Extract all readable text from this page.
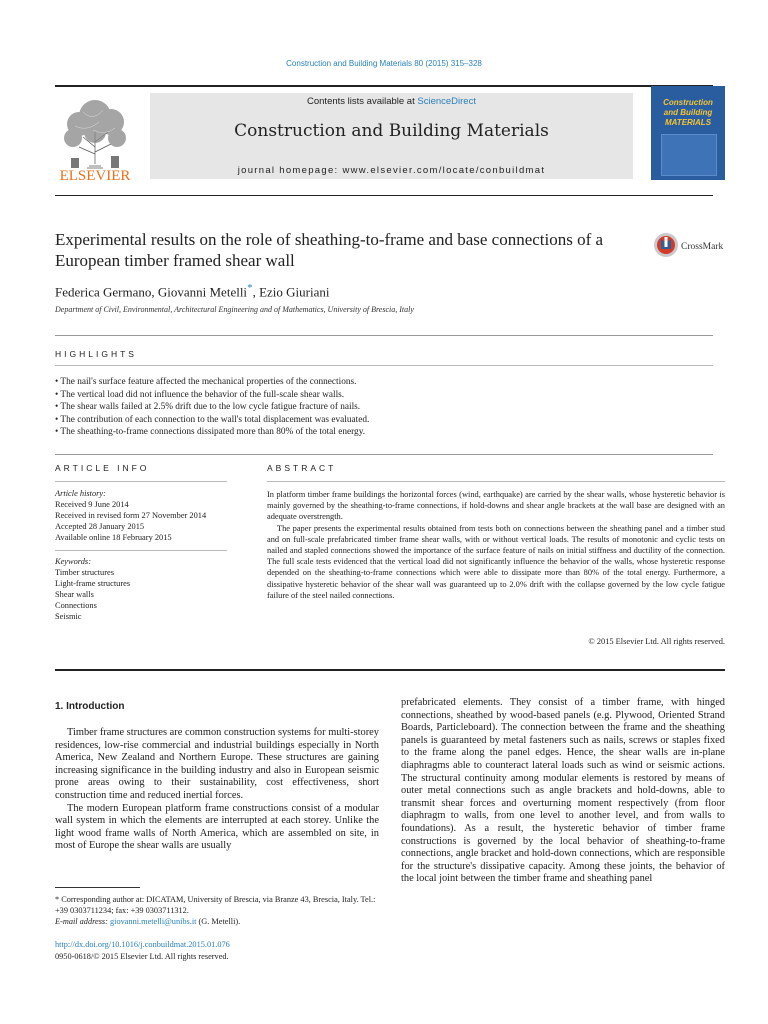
Construction and Building Materials 80 (2015) 315–328
ELSEVIER
Contents lists available at ScienceDirect
Construction and Building Materials
journal homepage: www.elsevier.com/locate/conbuildmat
Construction
and Building
MATERIALS
Experimental results on the role of sheathing-to-frame and base connections of a European timber framed shear wall
CrossMark
Federica Germano, Giovanni Metelli*, Ezio Giuriani
Department of Civil, Environmental, Architectural Engineering and of Mathematics, University of Brescia, Italy
HIGHLIGHTS
• The nail's surface feature affected the mechanical properties of the connections.
• The vertical load did not influence the behavior of the full-scale shear walls.
• The shear walls failed at 2.5% drift due to the low cycle fatigue fracture of nails.
• The contribution of each connection to the wall's total displacement was evaluated.
• The sheathing-to-frame connections dissipated more than 80% of the total energy.
ARTICLE INFO	ABSTRACT
Article history:
Received 9 June 2014
Received in revised form 27 November 2014
Accepted 28 January 2015
Available online 18 February 2015
Keywords:
Timber structures
Light-frame structures
Shear walls
Connections
Seismic

In platform timber frame buildings the horizontal forces (wind, earthquake) are carried by the shear walls, whose hysteretic behavior is mainly governed by the sheathing-to-frame connections, if hold-downs and shear angle brackets at the wall base are designed with an adequate overstrength.

The paper presents the experimental results obtained from tests both on connections between the sheathing panel and a timber stud and on full-scale prefabricated timber frame shear walls, with or without vertical loads. The results of monotonic and cyclic tests on nailed and stapled connections showed the importance of the surface feature of nails on initial stiffness and ductility of the connection. The full scale tests evidenced that the vertical load did not significantly influence the behavior of the walls, whose hysteretic response depended on the sheathing-to-frame connections which were able to dissipate more than 80% of the total energy. Furthermore, a dissipative hysteretic behavior of the shear wall was guaranteed up to 2.0% drift with the collapse governed by the low cycle fatigue failure of the steel nailed connections.

© 2015 Elsevier Ltd. All rights reserved.
1. Introduction

Timber frame structures are common construction systems for multi-storey residences, low-rise commercial and industrial buildings especially in North America, New Zealand and Northern Europe. These structures are gaining increasing significance in the building industry and also in European seismic prone areas owing to their sustainability, cost effectiveness, short construction time and reduced inertial forces.

The modern European platform frame constructions consist of a modular wall system in which the elements are interrupted at each storey. Unlike the light wood frame walls of North America, which are assembled on site, in most of Europe the shear walls are usually

prefabricated elements. They consist of a timber frame, with hinged connections, sheathed by wood-based panels (e.g. Plywood, Oriented Strand Boards, Particleboard). The connection between the frame and the sheathing panels is guaranteed by metal fasteners such as nails, screws or staples fixed to the frame along the panel edges. Hence, the shear walls are in-plane diaphragms able to counteract lateral loads such as wind or seismic actions. The structural continuity among modular elements is restored by means of outer metal connections such as angle brackets and hold-downs, able to transmit shear forces and overturning moment respectively (from floor diaphragm to walls, from one level to another level, and from walls to foundations). As a result, the hysteretic behavior of timber frame constructions is governed by the local behavior of sheathing-to-frame connections, angle bracket and hold-down connections, which are responsible for the structure's dissipative capacity. Among these joints, the behavior of the local joint between the timber frame and sheathing panel

* Corresponding author at: DICATAM, University of Brescia, via Branze 43, Brescia, Italy. Tel.: +39 0303711234; fax: +39 0303711312.
E-mail address: giovanni.metelli@unibs.it (G. Metelli).
http://dx.doi.org/10.1016/j.conbuildmat.2015.01.076
0950-0618/© 2015 Elsevier Ltd. All rights reserved.
